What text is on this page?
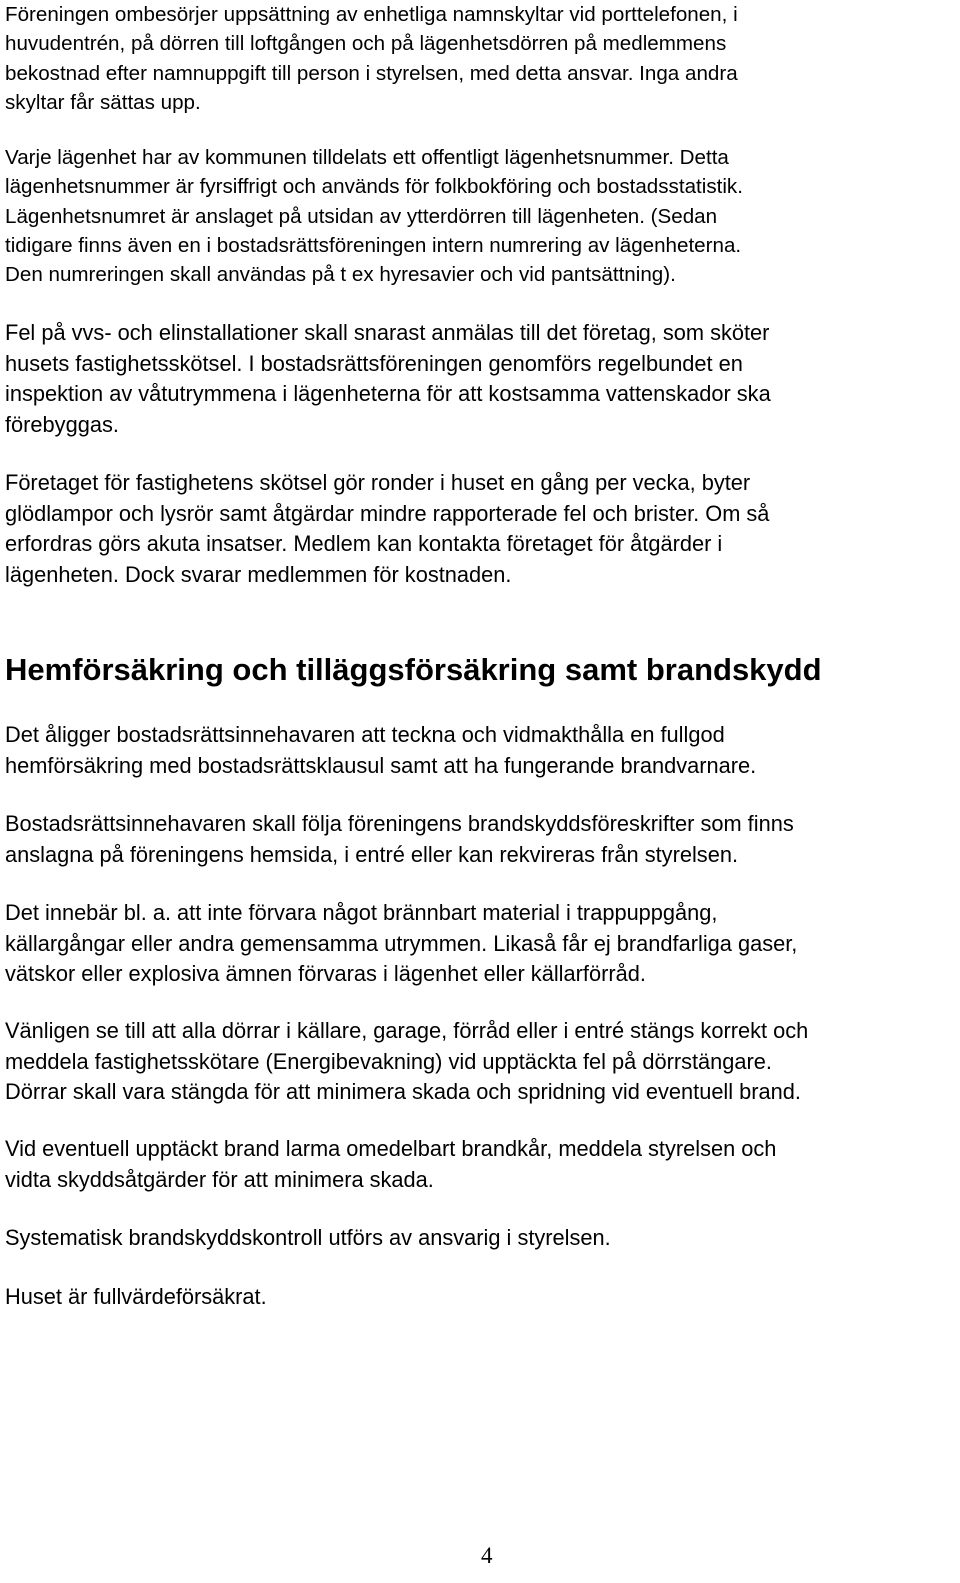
Föreningen ombesörjer uppsättning av enhetliga namnskyltar vid porttelefonen, i
huvudentrén, på dörren till loftgången och på lägenhetsdörren på medlemmens
bekostnad efter namnuppgift till person i styrelsen, med detta ansvar. Inga andra
skyltar får sättas upp.

Varje lägenhet har av kommunen tilldelats ett offentligt lägenhetsnummer. Detta
lägenhetsnummer är fyrsiffrigt och används för folkbokföring och bostadsstatistik.
Lägenhetsnumret är anslaget på utsidan av ytterdörren till lägenheten. (Sedan
tidigare finns även en i bostadsrättsföreningen intern numrering av lägenheterna.
Den numreringen skall användas på t ex hyresavier och vid pantsättning).

Fel på vvs- och elinstallationer skall snarast anmälas till det företag, som sköter
husets fastighetsskötsel. I bostadsrättsföreningen genomförs regelbundet en
inspektion av våtutrymmena i lägenheterna för att kostsamma vattenskador ska
förebyggas.

Företaget för fastighetens skötsel gör ronder i huset en gång per vecka, byter
glödlampor och lysrör samt åtgärdar mindre rapporterade fel och brister. Om så
erfordras görs akuta insatser. Medlem kan kontakta företaget för åtgärder i
lägenheten. Dock svarar medlemmen för kostnaden.

Hemförsäkring och tilläggsförsäkring samt brandskydd

Det åligger bostadsrättsinnehavaren att teckna och vidmakthålla en fullgod
hemförsäkring med bostadsrättsklausul samt att ha fungerande brandvarnare.

Bostadsrättsinnehavaren skall följa föreningens brandskyddsföreskrifter som finns
anslagna på föreningens hemsida, i entré eller kan rekvireras från styrelsen.

Det innebär bl. a. att inte förvara något brännbart material i trappuppgång,
källargångar eller andra gemensamma utrymmen. Likaså får ej brandfarliga gaser,
vätskor eller explosiva ämnen förvaras i lägenhet eller källarförråd.

Vänligen se till att alla dörrar i källare, garage, förråd eller i entré stängs korrekt och
meddela fastighetsskötare (Energibevakning) vid upptäckta fel på dörrstängare.
Dörrar skall vara stängda för att minimera skada och spridning vid eventuell brand.

Vid eventuell upptäckt brand larma omedelbart brandkår, meddela styrelsen och
vidta skyddsåtgärder för att minimera skada.

Systematisk brandskyddskontroll utförs av ansvarig i styrelsen.

Huset är fullvärdeförsäkrat.

4
